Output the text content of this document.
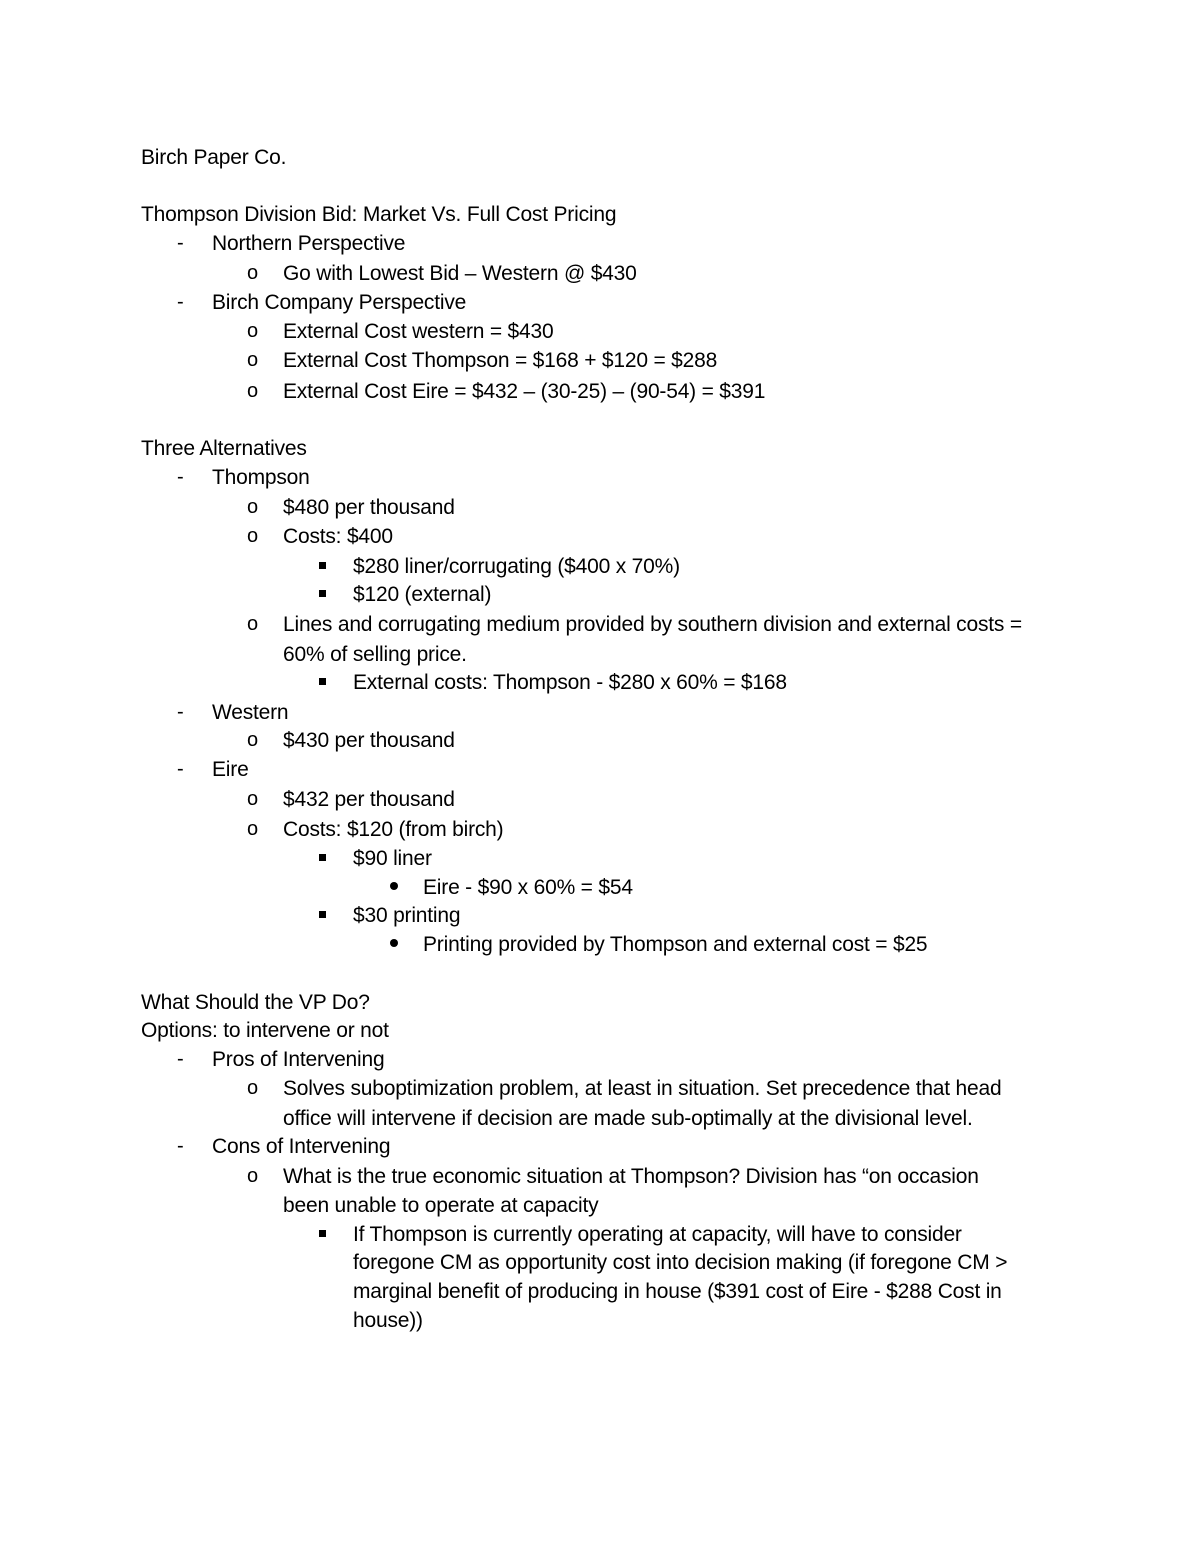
Birch Paper Co.
Thompson Division Bid: Market Vs. Full Cost Pricing
- Northern Perspective
o Go with Lowest Bid – Western @ $430
- Birch Company Perspective
o External Cost western = $430
o External Cost Thompson = $168 + $120 = $288
o External Cost Eire = $432 – (30-25) – (90-54) = $391
Three Alternatives
- Thompson
o $480 per thousand
o Costs: $400
$280 liner/corrugating ($400 x 70%)
$120 (external)
o Lines and corrugating medium provided by southern division and external costs =
60% of selling price.
External costs: Thompson - $280 x 60% = $168
- Western
o $430 per thousand
- Eire
o $432 per thousand
o Costs: $120 (from birch)
$90 liner
Eire - $90 x 60% = $54
$30 printing
Printing provided by Thompson and external cost = $25
What Should the VP Do?
Options: to intervene or not
- Pros of Intervening
o Solves suboptimization problem, at least in situation. Set precedence that head
office will intervene if decision are made sub-optimally at the divisional level.
- Cons of Intervening
o What is the true economic situation at Thompson? Division has “on occasion
been unable to operate at capacity
If Thompson is currently operating at capacity, will have to consider
foregone CM as opportunity cost into decision making (if foregone CM >
marginal benefit of producing in house ($391 cost of Eire - $288 Cost in
house))
